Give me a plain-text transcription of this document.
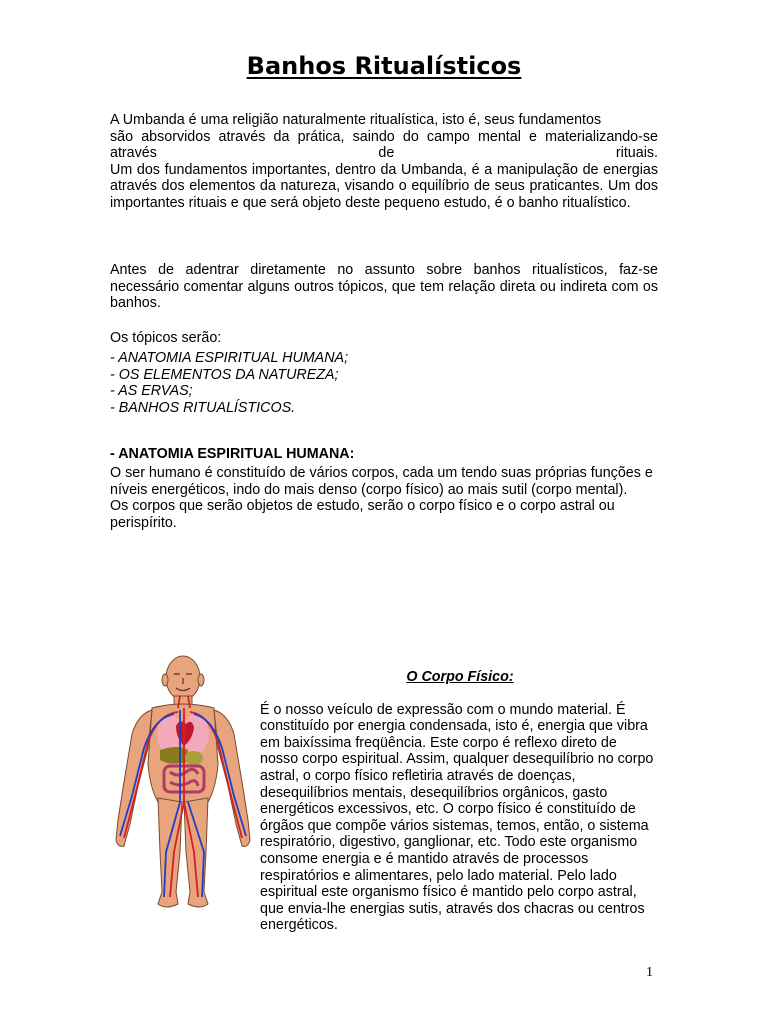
Banhos Ritualísticos

A Umbanda é uma religião naturalmente ritualística, isto é, seus fundamentos

são absorvidos através da prática, saindo do campo mental e materializando-se

através de rituais.

Um dos fundamentos importantes, dentro da Umbanda, é a manipulação de energias através dos elementos da natureza, visando o equilíbrio de seus praticantes. Um dos importantes rituais e que será objeto deste pequeno estudo, é o banho ritualístico.

Antes de adentrar diretamente no assunto sobre banhos ritualísticos, faz-se necessário comentar alguns outros tópicos, que tem relação direta ou indireta com os banhos.

Os tópicos serão:

- ANATOMIA ESPIRITUAL HUMANA;

- OS ELEMENTOS DA NATUREZA;

- AS ERVAS;

- BANHOS RITUALÍSTICOS.

- ANATOMIA ESPIRITUAL HUMANA:

O ser humano é constituído de vários corpos, cada um tendo suas próprias funções e níveis energéticos, indo do mais denso (corpo físico) ao mais sutil (corpo mental).

Os corpos que serão objetos de estudo, serão o corpo físico e o corpo astral ou perispírito.

O Corpo Físico:

É o nosso veículo de expressão com o mundo material. É constituído por energia condensada, isto é, energia que vibra em baixíssima freqüência. Este corpo é reflexo direto de nosso corpo espiritual. Assim, qualquer desequilíbrio no corpo astral, o corpo físico refletiria através de doenças, desequilíbrios mentais, desequilíbrios orgânicos, gasto energéticos excessivos, etc. O corpo físico é constituído de órgãos que compõe vários sistemas, temos, então, o sistema respiratório, digestivo, ganglionar, etc. Todo este organismo consome energia e é mantido através de processos respiratórios e alimentares, pelo lado material. Pelo lado espiritual este organismo físico é mantido pelo corpo astral, que envia-lhe energias sutis, através dos chacras ou centros energéticos.

1
